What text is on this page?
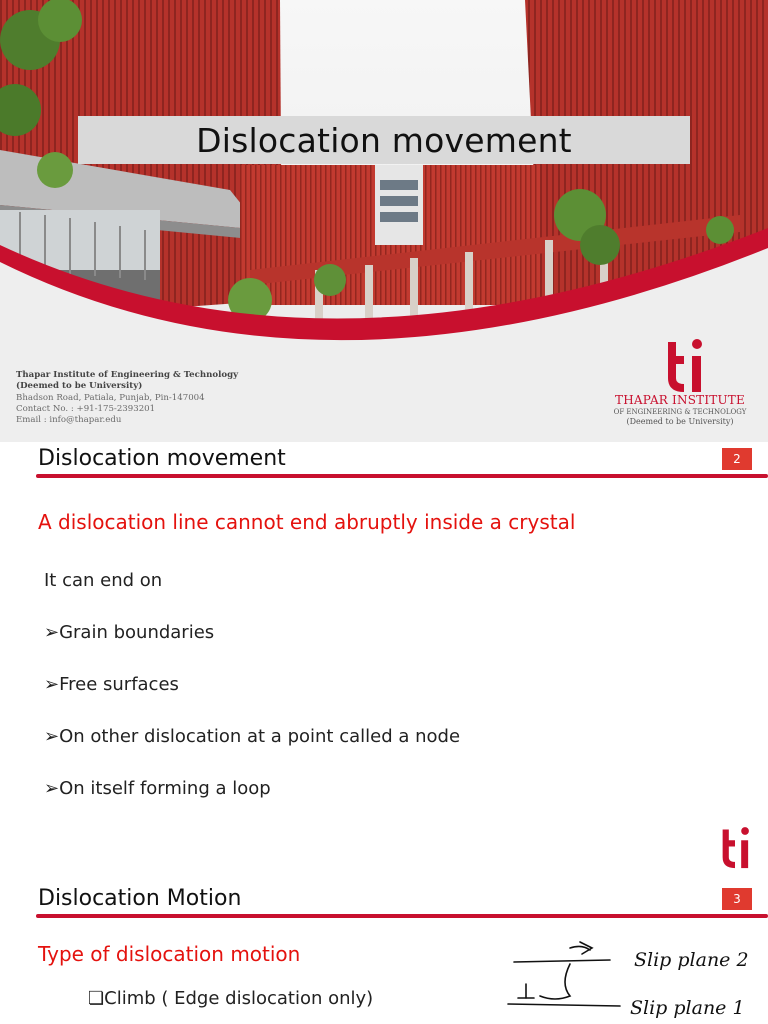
Dislocation movement
Thapar Institute of Engineering & Technology
(Deemed to be University)
Bhadson Road, Patiala, Punjab, Pin-147004
Contact No. : +91-175-2393201
Email : info@thapar.edu
THAPAR INSTITUTE
OF ENGINEERING & TECHNOLOGY
(Deemed to be University)
Dislocation movement	2
A dislocation line cannot end abruptly inside a crystal
It can end on
➢Grain boundaries
➢Free surfaces
➢On other dislocation at a point called a node
➢On itself forming a loop
Dislocation Motion	3
Type of dislocation motion
❏Climb ( Edge dislocation only)
Slip plane 2
Slip plane 1
